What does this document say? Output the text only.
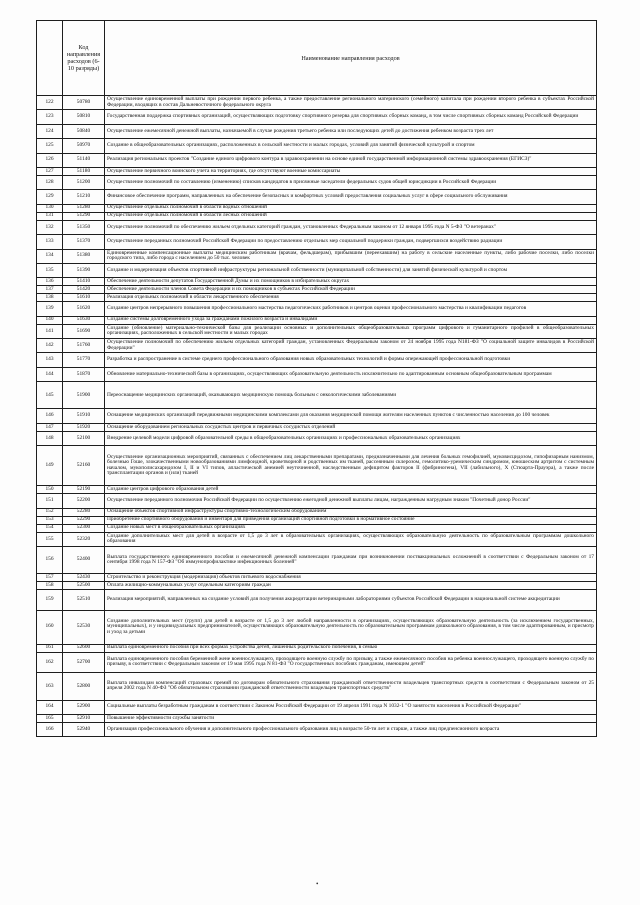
	Код направления расходов (6-10 разряды)	Наименование направления расходов
122	50780	Осуществление единовременной выплаты при рождении первого ребенка, а также предоставление регионального материнского (семейного) капитала при рождении второго ребенка в субъектах Российской Федерации, входящих в состав Дальневосточного федерального округа
123	50810	Государственная поддержка спортивных организаций, осуществляющих подготовку спортивного резерва для спортивных сборных команд, в том числе спортивных сборных команд Российской Федерации
124	50840	Осуществление ежемесячной денежной выплаты, назначаемой в случае рождения третьего ребенка или последующих детей до достижения ребенком возраста трех лет
125	50970	Создание в общеобразовательных организациях, расположенных в сельской местности и малых городах, условий для занятий физической культурой и спортом
126	51140	Реализация региональных проектов "Создание единого цифрового контура в здравоохранении на основе единой государственной информационной системы здравоохранения (ЕГИСЗ)"
127	51180	Осуществление первичного воинского учета на территориях, где отсутствуют военные комиссариаты
128	51200	Осуществление полномочий по составлению (изменению) списков кандидатов в присяжные заседатели федеральных судов общей юрисдикции в Российской Федерации
129	51210	Финансовое обеспечение программ, направленных на обеспечение безопасных и комфортных условий предоставления социальных услуг в сфере социального обслуживания
130	51280	Осуществление отдельных полномочий в области водных отношений
131	51290	Осуществление отдельных полномочий в области лесных отношений
132	51350	Осуществление полномочий по обеспечению жильем отдельных категорий граждан, установленных Федеральным законом от 12 января 1995 года N 5-ФЗ "О ветеранах"
133	51370	Осуществление переданных полномочий Российской Федерации по предоставлению отдельных мер социальной поддержки граждан, подвергшихся воздействию радиации
134	51380	Единовременные компенсационные выплаты медицинским работникам (врачам, фельдшерам), прибывшим (переехавшим) на работу в сельские населенные пункты, либо рабочие поселки, либо поселки городского типа, либо города с населением до 50 тыс. человек
135	51390	Создание и модернизация объектов спортивной инфраструктуры региональной собственности (муниципальной собственности) для занятий физической культурой и спортом
136	51410	Обеспечение деятельности депутатов Государственной Думы и их помощников в избирательных округах
137	51420	Обеспечение деятельности членов Совета Федерации и их помощников в субъектах Российской Федерации
138	51610	Реализация отдельных полномочий в области лекарственного обеспечения
139	51620	Создание центров непрерывного повышения профессионального мастерства педагогических работников и центров оценки профессионального мастерства и квалификации педагогов
140	51630	Создание системы долговременного ухода за гражданами пожилого возраста и инвалидами
141	51690	Создание (обновление) материально-технической базы для реализации основных и дополнительных общеобразовательных программ цифрового и гуманитарного профилей в общеобразовательных организациях, расположенных в сельской местности и малых городах
142	51760	Осуществление полномочий по обеспечению жильем отдельных категорий граждан, установленных Федеральным законом от 24 ноября 1995 года N181-ФЗ "О социальной защите инвалидов в Российской Федерации"
143	51770	Разработка и распространение в системе среднего профессионального образования новых образовательных технологий и формы опережающей профессиональной подготовки
144	51870	Обновление материально-технической базы в организациях, осуществляющих образовательную деятельность исключительно по адаптированным основным общеобразовательным программам
145	51900	Переоснащение медицинских организаций, оказывающих медицинскую помощь больным с онкологическими заболеваниями
146	51910	Оснащение медицинских организаций передвижными медицинскими комплексами для оказания медицинской помощи жителям населенных пунктов с численностью населения до 100 человек
147	51920	Оснащение оборудованием региональных сосудистых центров и первичных сосудистых отделений
148	52100	Внедрение целевой модели цифровой образовательной среды в общеобразовательных организациях и профессиональных образовательных организациях
149	52160	Осуществление организационных мероприятий, связанных с обеспечением лиц лекарственными препаратами, предназначенными для лечения больных гемофилией, муковисцидозом, гипофизарным нанизмом, болезнью Гоше, злокачественными новообразованиями лимфоидной, кроветворной и родственных им тканей, рассеянным склерозом, гемолитико-уремическим синдромом, юношеским артритом с системным началом, мукополисахаридозом I, II и VI типов, апластической анемией неуточненной, наследственным дефицитом факторов II (фибриногена), VII (лабильного), X (Стюарта-Прауэра), а также после трансплантации органов и (или) тканей
150	52190	Создание центров цифрового образования детей
151	52200	Осуществление переданного полномочия Российской Федерации по осуществлению ежегодной денежной выплаты лицам, награжденным нагрудным знаком "Почетный донор России"
152	52280	Оснащение объектов спортивной инфраструктуры спортивно-технологическим оборудованием
153	52290	Приобретение спортивного оборудования и инвентаря для приведения организаций спортивной подготовки в нормативное состояние
154	52300	Создание новых мест в общеобразовательных организациях
155	52320	Создание дополнительных мест для детей в возрасте от 1,5 до 3 лет в образовательных организациях, осуществляющих образовательную деятельность по образовательным программам дошкольного образования
156	52400	Выплата государственного единовременного пособия и ежемесячной денежной компенсации гражданам при возникновении поствакцинальных осложнений в соответствии с Федеральным законом от 17 сентября 1998 года N 157-ФЗ "Об иммунопрофилактике инфекционных болезней"
157	52430	Строительство и реконструкция (модернизация) объектов питьевого водоснабжения
158	52500	Оплата жилищно-коммунальных услуг отдельным категориям граждан
159	52510	Реализация мероприятий, направленных на создание условий для получения аккредитации ветеринарными лабораториями субъектов Российской Федерации в национальной системе аккредитации
160	52530	Создание дополнительных мест (групп) для детей в возрасте от 1,5 до 3 лет любой направленности в организациях, осуществляющих образовательную деятельность (за исключением государственных, муниципальных), и у индивидуальных предпринимателей, осуществляющих образовательную деятельность по образовательным программам дошкольного образования, в том числе адаптированным, и присмотр и уход за детьми
161	52600	Выплата единовременного пособия при всех формах устройства детей, лишенных родительского попечения, в семью
162	52700	Выплата единовременного пособия беременной жене военнослужащего, проходящего военную службу по призыву, а также ежемесячного пособия на ребенка военнослужащего, проходящего военную службу по призыву, в соответствии с Федеральным законом от 19 мая 1995 года N 81-ФЗ "О государственных пособиях гражданам, имеющим детей"
163	52800	Выплата инвалидам компенсаций страховых премий по договорам обязательного страхования гражданской ответственности владельцев транспортных средств в соответствии с Федеральным законом от 25 апреля 2002 года N 40-ФЗ "Об обязательном страховании гражданской ответственности владельцев транспортных средств"
164	52900	Социальные выплаты безработным гражданам в соответствии с Законом Российской Федерации от 19 апреля 1991 года N 1032-1 "О занятости населения в Российской Федерации"
165	52910	Повышение эффективности службы занятости
166	52940	Организация профессионального обучения и дополнительного профессионального образования лиц в возрасте 50-ти лет и старше, а также лиц предпенсионного возраста
•
